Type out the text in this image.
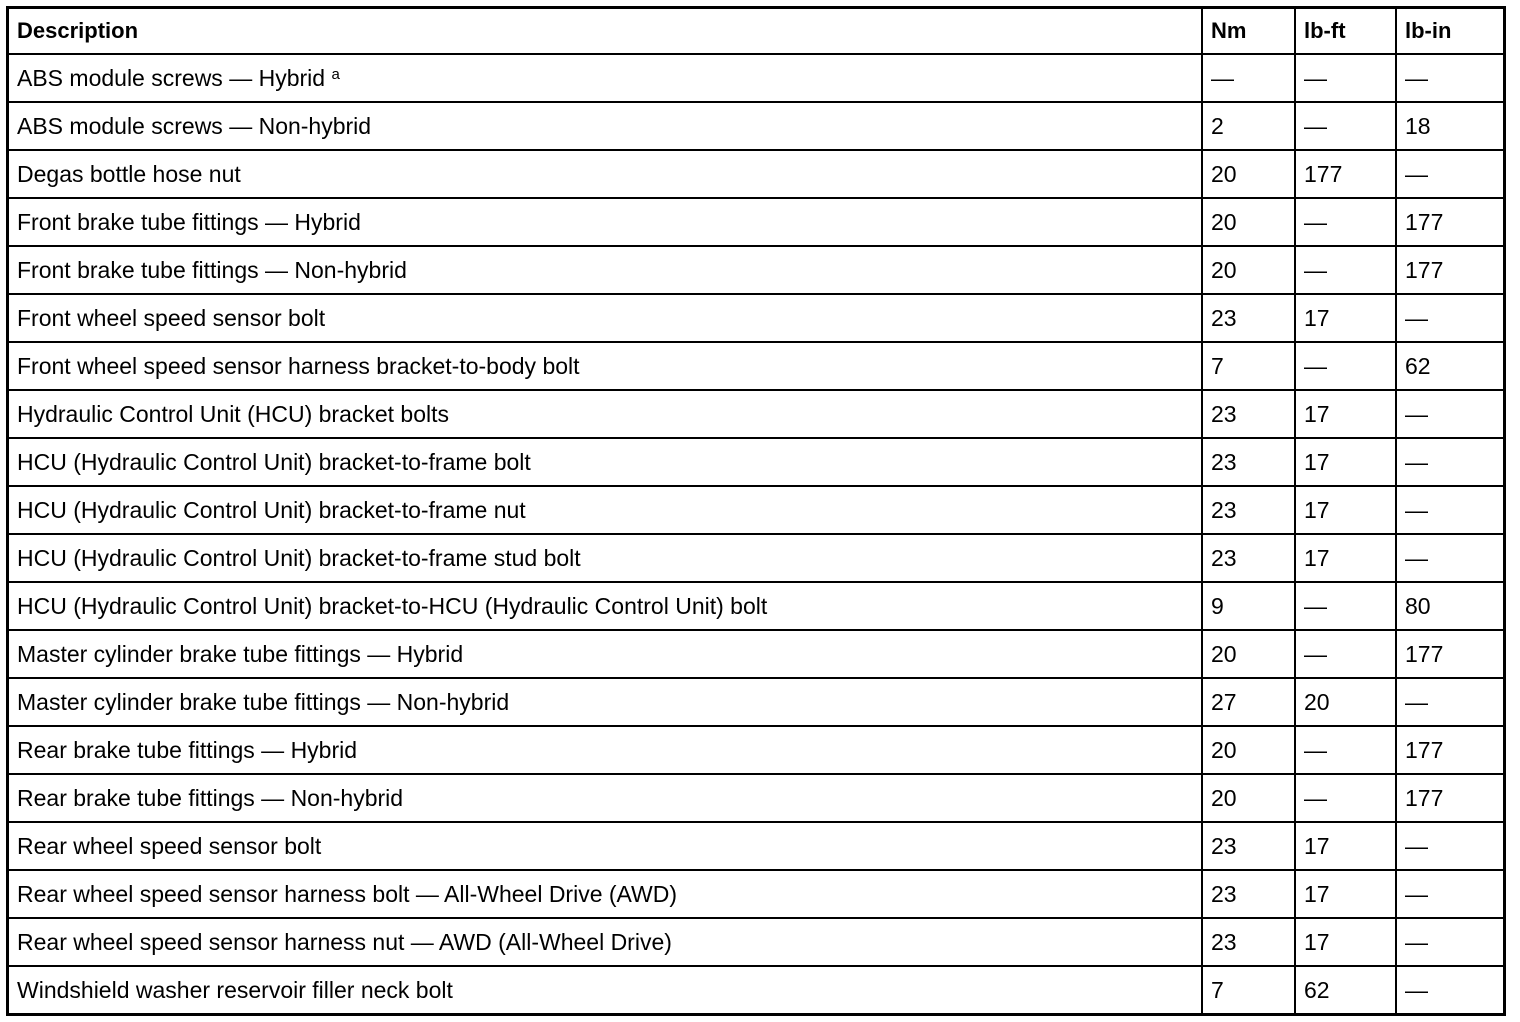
Description	Nm	lb-ft	lb-in
ABS module screws — Hybrid $^a$	—	—	—
ABS module screws — Non-hybrid	2	—	18
Degas bottle hose nut	20	177	—
Front brake tube fittings — Hybrid	20	—	177
Front brake tube fittings — Non-hybrid	20	—	177
Front wheel speed sensor bolt	23	17	—
Front wheel speed sensor harness bracket-to-body bolt	7	—	62
Hydraulic Control Unit (HCU) bracket bolts	23	17	—
HCU (Hydraulic Control Unit) bracket-to-frame bolt	23	17	—
HCU (Hydraulic Control Unit) bracket-to-frame nut	23	17	—
HCU (Hydraulic Control Unit) bracket-to-frame stud bolt	23	17	—
HCU (Hydraulic Control Unit) bracket-to-HCU (Hydraulic Control Unit) bolt	9	—	80
Master cylinder brake tube fittings — Hybrid	20	—	177
Master cylinder brake tube fittings — Non-hybrid	27	20	—
Rear brake tube fittings — Hybrid	20	—	177
Rear brake tube fittings — Non-hybrid	20	—	177
Rear wheel speed sensor bolt	23	17	—
Rear wheel speed sensor harness bolt — All-Wheel Drive (AWD)	23	17	—
Rear wheel speed sensor harness nut — AWD (All-Wheel Drive)	23	17	—
Windshield washer reservoir filler neck bolt	7	62	—
